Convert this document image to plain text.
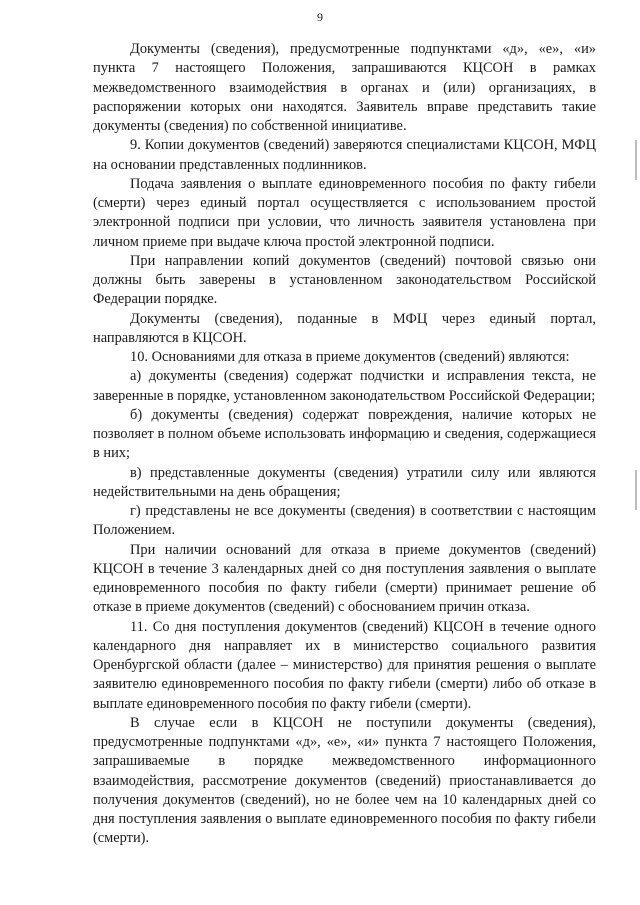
9

Документы (сведения), предусмотренные подпунктами «д», «е», «и» пункта 7 настоящего Положения, запрашиваются КЦСОН в рамках межведомственного взаимодействия в органах и (или) организациях, в распоряжении которых они находятся. Заявитель вправе представить такие документы (сведения) по собственной инициативе.

9. Копии документов (сведений) заверяются специалистами КЦСОН, МФЦ на основании представленных подлинников.

Подача заявления о выплате единовременного пособия по факту гибели (смерти) через единый портал осуществляется с использованием простой электронной подписи при условии, что личность заявителя установлена при личном приеме при выдаче ключа простой электронной подписи.

При направлении копий документов (сведений) почтовой связью они должны быть заверены в установленном законодательством Российской Федерации порядке.

Документы (сведения), поданные в МФЦ через единый портал, направляются в КЦСОН.

10. Основаниями для отказа в приеме документов (сведений) являются:

а) документы (сведения) содержат подчистки и исправления текста, не заверенные в порядке, установленном законодательством Российской Федерации;

б) документы (сведения) содержат повреждения, наличие которых не позволяет в полном объеме использовать информацию и сведения, содержащиеся в них;

в) представленные документы (сведения) утратили силу или являются недействительными на день обращения;

г) представлены не все документы (сведения) в соответствии с настоящим Положением.

При наличии оснований для отказа в приеме документов (сведений) КЦСОН в течение 3 календарных дней со дня поступления заявления о выплате единовременного пособия по факту гибели (смерти) принимает решение об отказе в приеме документов (сведений) с обоснованием причин отказа.

11. Со дня поступления документов (сведений) КЦСОН в течение одного календарного дня направляет их в министерство социального развития Оренбургской области (далее – министерство) для принятия решения о выплате заявителю единовременного пособия по факту гибели (смерти) либо об отказе в выплате единовременного пособия по факту гибели (смерти).

В случае если в КЦСОН не поступили документы (сведения), предусмотренные подпунктами «д», «е», «и» пункта 7 настоящего Положения, запрашиваемые в порядке межведомственного информационного взаимодействия, рассмотрение документов (сведений) приостанавливается до получения документов (сведений), но не более чем на 10 календарных дней со дня поступления заявления о выплате единовременного пособия по факту гибели (смерти).
